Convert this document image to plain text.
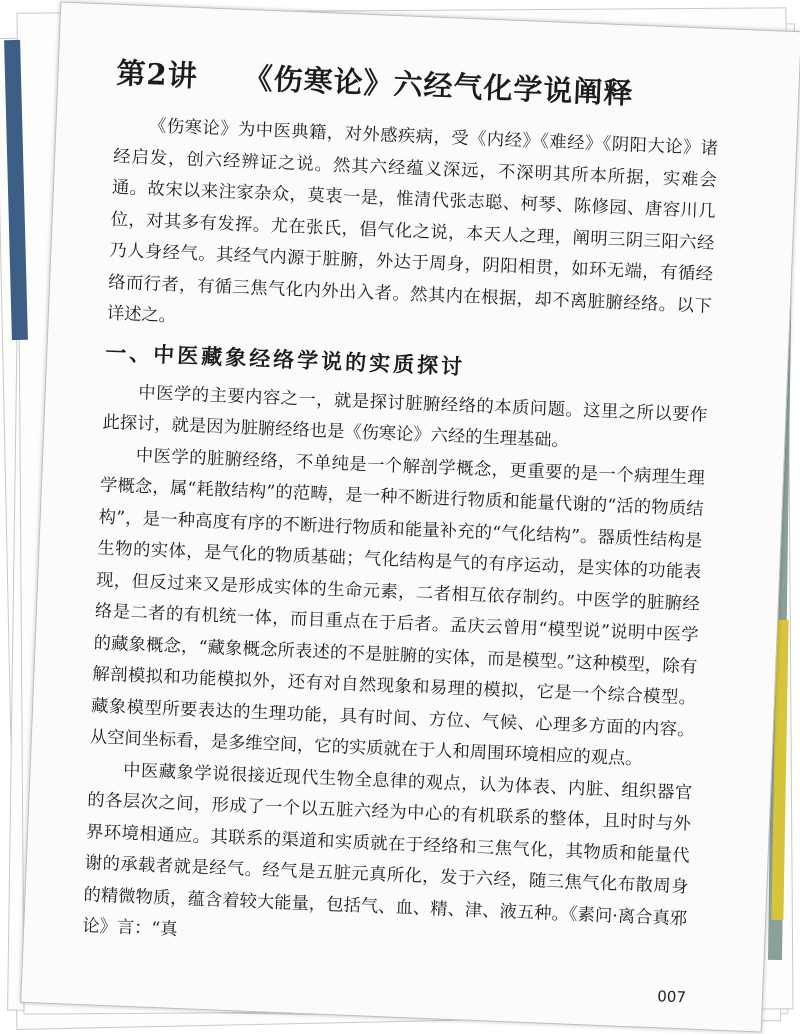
第2讲 《伤寒论》六经气化学说阐释

《伤寒论》为中医典籍，对外感疾病，受《内经》《难经》《阴阳大论》诸经启发，创六经辨证之说。然其六经蕴义深远，不深明其所本所据，实难会通。故宋以来注家杂众，莫衷一是，惟清代张志聪、柯琴、陈修园、唐容川几位，对其多有发挥。尤在张氏，倡气化之说，本天人之理，阐明三阴三阳六经乃人身经气。其经气内源于脏腑，外达于周身，阴阳相贯，如环无端，有循经络而行者，有循三焦气化内外出入者。然其内在根据，却不离脏腑经络。以下详述之。

一、中医藏象经络学说的实质探讨

中医学的主要内容之一，就是探讨脏腑经络的本质问题。这里之所以要作此探讨，就是因为脏腑经络也是《伤寒论》六经的生理基础。

中医学的脏腑经络，不单纯是一个解剖学概念，更重要的是一个病理生理学概念，属“耗散结构”的范畴，是一种不断进行物质和能量代谢的“活的物质结构”，是一种高度有序的不断进行物质和能量补充的“气化结构”。器质性结构是生物的实体，是气化的物质基础；气化结构是气的有序运动，是实体的功能表现，但反过来又是形成实体的生命元素，二者相互依存制约。中医学的脏腑经络是二者的有机统一体，而目重点在于后者。孟庆云曾用“模型说”说明中医学的藏象概念，“藏象概念所表述的不是脏腑的实体，而是模型。”这种模型，除有解剖模拟和功能模拟外，还有对自然现象和易理的模拟，它是一个综合模型。藏象模型所要表达的生理功能，具有时间、方位、气候、心理多方面的内容。从空间坐标看，是多维空间，它的实质就在于人和周围环境相应的观点。

中医藏象学说很接近现代生物全息律的观点，认为体表、内脏、组织器官的各层次之间，形成了一个以五脏六经为中心的有机联系的整体，且时时与外界环境相通应。其联系的渠道和实质就在于经络和三焦气化，其物质和能量代谢的承载者就是经气。经气是五脏元真所化，发于六经，随三焦气化布散周身的精微物质，蕴含着较大能量，包括气、血、精、津、液五种。《素问·离合真邪论》言：“真

007
